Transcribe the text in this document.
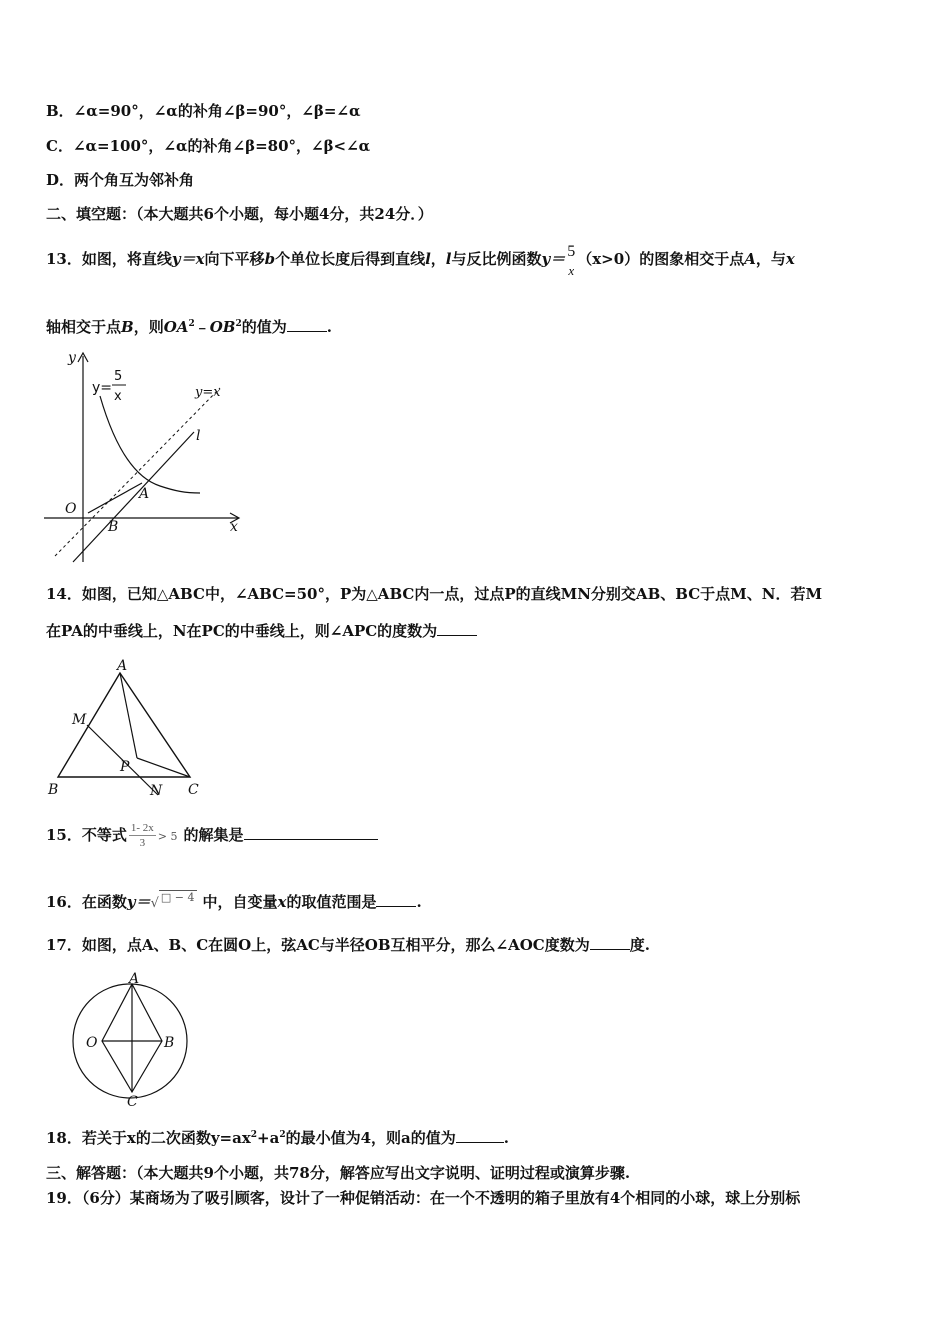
B．∠α=90°，∠α的补角∠β=90°，∠β=∠α
C．∠α=100°，∠α的补角∠β=80°，∠β<∠α
D．两个角互为邻补角
二、填空题：（本大题共6个小题，每小题4分，共24分．）
13．如图，将直线y＝x向下平移b个单位长度后得到直线l，l与反比例函数y＝ 5
x
（x>0）的图象相交于点A，与x
轴相交于点B，则$OA^2﹣OB^2$的值为	.
y
x
y=
5
x	y=x
l
O
A
B
14．如图，已知△ABC中，∠ABC=50°，P为△ABC内一点，过点P的直线MN分别交AB、BC于点M、N．若M
在PA的中垂线上，N在PC的中垂线上，则∠APC的度数为
A
B	C
M
N
P
15．不等式 $\frac{1- 2x}{3} > 5$ 的解集是
16．在函数y＝√ $^{□ - 4}$ 中，自变量x的取值范围是	.
17．如图，点A、B、C在圆O上，弦AC与半径OB互相平分，那么∠AOC度数为	度.
A
B
C
O
18．若关于x的二次函数$y=ax^2+a^2$的最小值为4，则a的值为	.
三、解答题：（本大题共9个小题，共78分，解答应写出文字说明、证明过程或演算步骤.
19．（6分）某商场为了吸引顾客，设计了一种促销活动：在一个不透明的箱子里放有4个相同的小球，球上分别标
